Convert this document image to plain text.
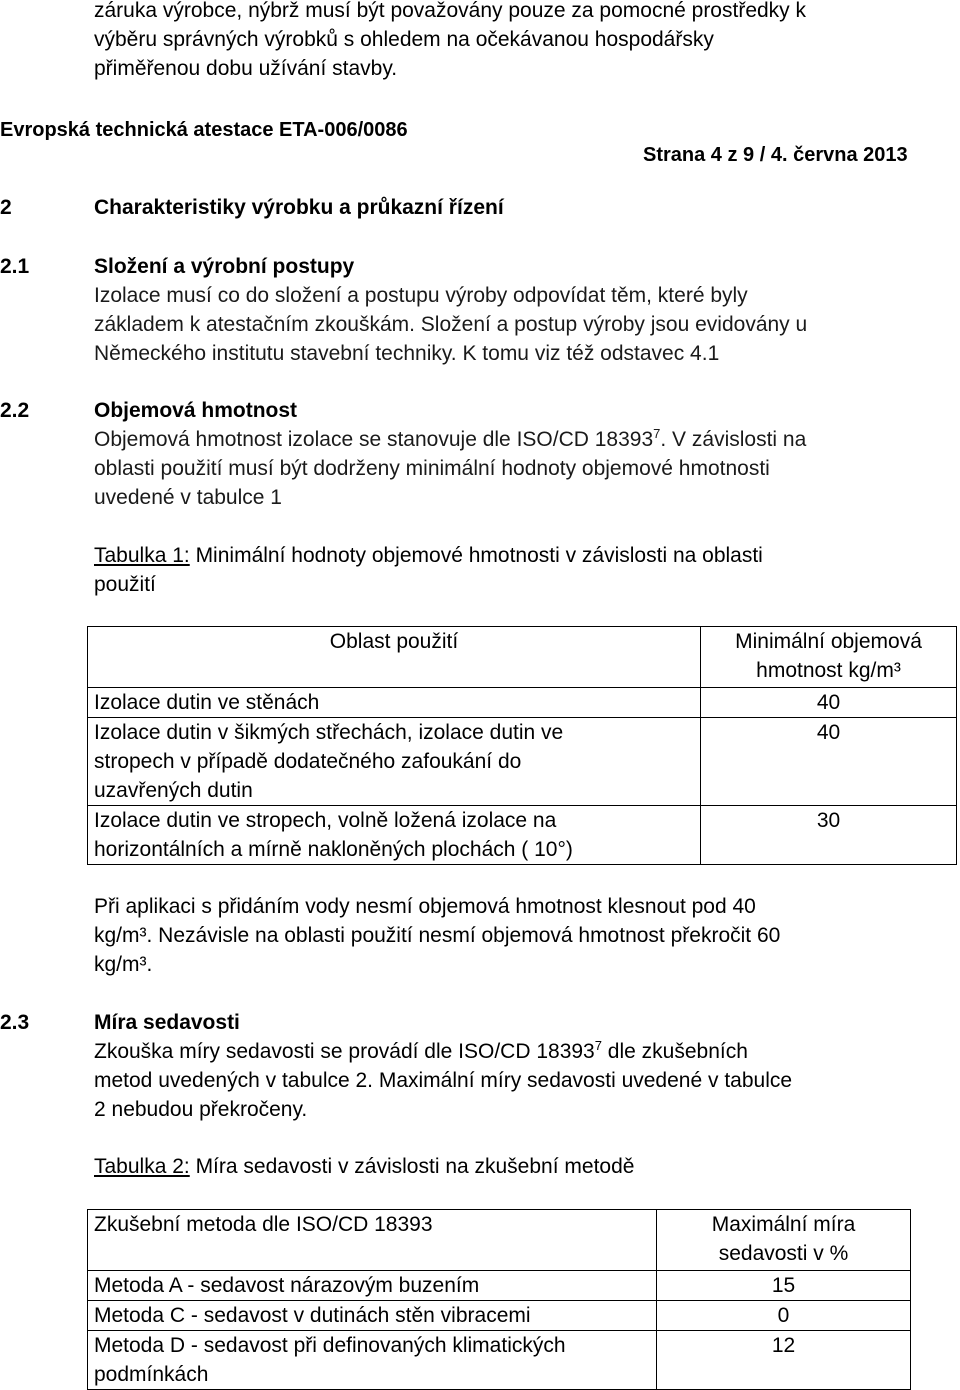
záruka výrobce, nýbrž musí být považovány pouze za pomocné prostředky k
výběru správných výrobků s ohledem na očekávanou hospodářsky
přiměřenou dobu užívání stavby.
Evropská technická atestace ETA-006/0086
Strana 4 z 9 / 4. června 2013
2	Charakteristiky výrobku a průkazní řízení
2.1	Složení a výrobní postupy
Izolace musí co do složení a postupu výroby odpovídat těm, které byly
základem k atestačním zkouškám. Složení a postup výroby jsou evidovány u
Německého institutu stavební techniky. K tomu viz též odstavec 4.1
2.2	Objemová hmotnost
Objemová hmotnost izolace se stanovuje dle ISO/CD 18393$^7$. V závislosti na
oblasti použití musí být dodrženy minimální hodnoty objemové hmotnosti
uvedené v tabulce 1
Tabulka 1: Minimální hodnoty objemové hmotnosti v závislosti na oblasti
použití
Oblast použití	Minimální objemová
hmotnost kg/m³

Izolace dutin ve stěnách	40

Izolace dutin v šikmých střechách, izolace dutin ve
stropech v případě dodatečného zafoukání do
uzavřených dutin	40

Izolace dutin ve stropech, volně ložená izolace na
horizontálních a mírně nakloněných plochách ( 10°)	30
Při aplikaci s přidáním vody nesmí objemová hmotnost klesnout pod 40
kg/m³. Nezávisle na oblasti použití nesmí objemová hmotnost překročit 60
kg/m³.
2.3	Míra sedavosti
Zkouška míry sedavosti se provádí dle ISO/CD 18393$^7$ dle zkušebních
metod uvedených v tabulce 2. Maximální míry sedavosti uvedené v tabulce
2 nebudou překročeny.
Tabulka 2: Míra sedavosti v závislosti na zkušební metodě
Zkušební metoda dle ISO/CD 18393	Maximální míra
sedavosti v %

Metoda A - sedavost nárazovým buzením	15
Metoda C - sedavost v dutinách stěn vibracemi	0

Metoda D - sedavost při definovaných klimatických
podmínkách	12
